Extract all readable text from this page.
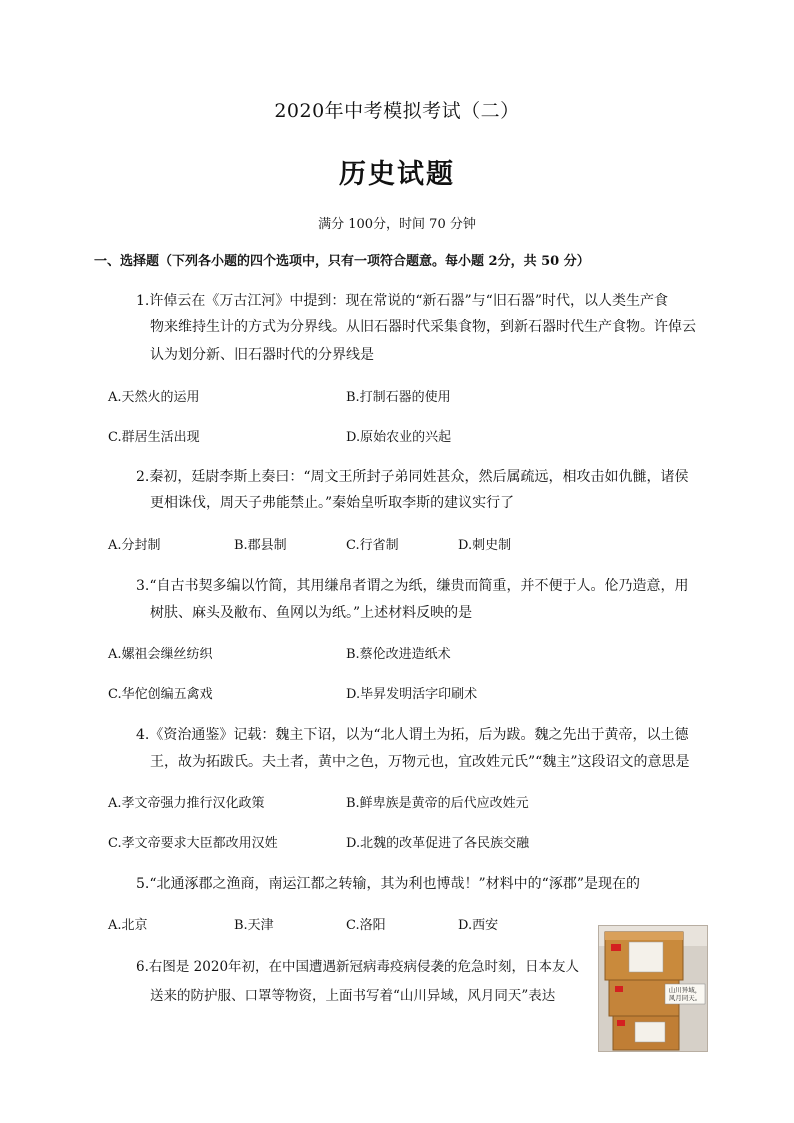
2020年中考模拟考试（二）
历史试题
满分 100分，时间 70 分钟
一、选择题（下列各小题的四个选项中，只有一项符合题意。每小题 2分，共 50 分）
1.许倬云在《万古江河》中提到：现在常说的“新石器”与“旧石器”时代，以人类生产食
物来维持生计的方式为分界线。从旧石器时代采集食物，到新石器时代生产食物。许倬云
认为划分新、旧石器时代的分界线是
A.天然火的运用	B.打制石器的使用
C.群居生活出现	D.原始农业的兴起
2.秦初，廷尉李斯上奏曰：“周文王所封子弟同姓甚众，然后属疏远，相攻击如仇雠，诸侯
更相诛伐，周天子弗能禁止。”秦始皇听取李斯的建议实行了
A.分封制	B.郡县制	C.行省制	D.刺史制
3.“自古书契多编以竹简，其用缣帛者谓之为纸，缣贵而简重，并不便于人。伦乃造意，用
树肤、麻头及敝布、鱼网以为纸。”上述材料反映的是
A.嫘祖会缫丝纺织	B.蔡伦改进造纸术
C.华佗创编五禽戏	D.毕昇发明活字印刷术
4.《资治通鉴》记载：魏主下诏，以为“北人谓土为拓，后为跋。魏之先出于黄帝，以土德
王，故为拓跋氏。夫土者，黄中之色，万物元也，宜改姓元氏”“魏主”这段诏文的意思是
A.孝文帝强力推行汉化政策	B.鲜卑族是黄帝的后代应改姓元
C.孝文帝要求大臣都改用汉姓	D.北魏的改革促进了各民族交融
5.“北通涿郡之渔商，南运江都之转输，其为利也博哉！”材料中的“涿郡”是现在的
A.北京	B.天津	C.洛阳	D.西安
6.右图是 2020年初，在中国遭遇新冠病毒疫病侵袭的危急时刻，日本友人
送来的防护服、口罩等物资，上面书写着“山川异域，风月同天”表达	山川异域，
风月同天。
